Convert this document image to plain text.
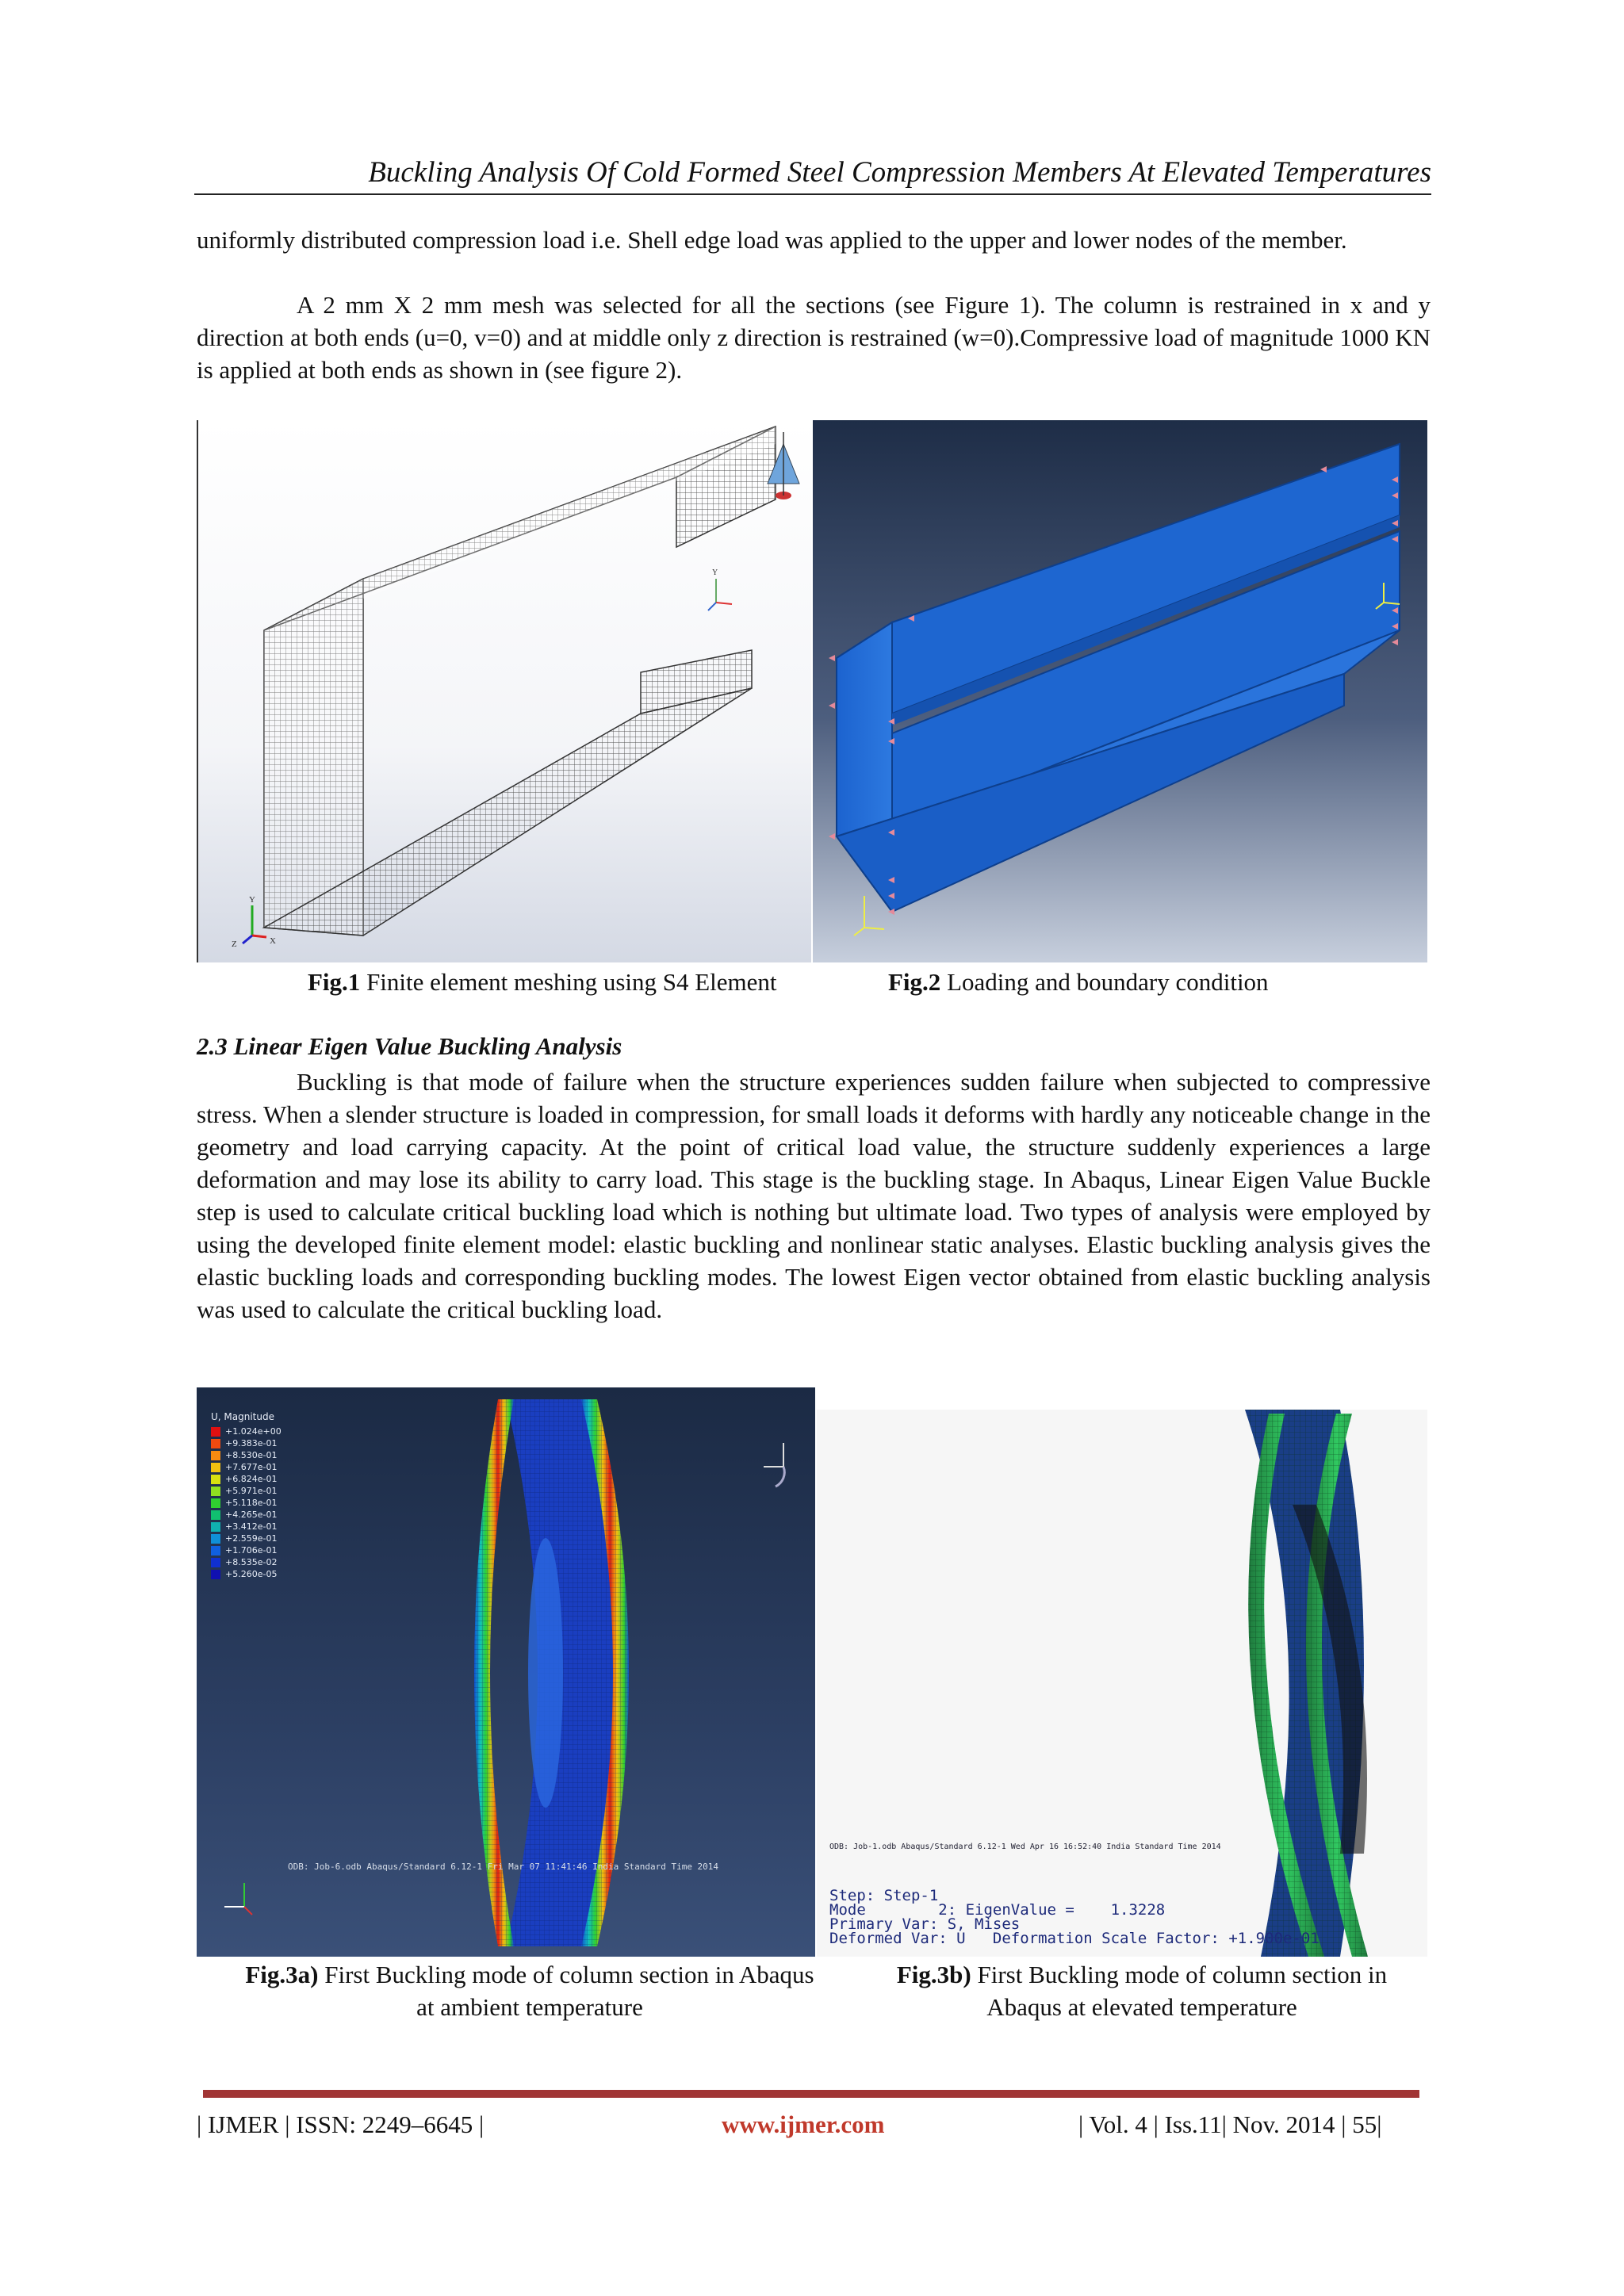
Buckling Analysis Of Cold Formed Steel Compression Members At Elevated Temperatures
uniformly distributed compression load i.e. Shell edge load was applied to the upper and lower nodes of the member.
A 2 mm X 2 mm mesh was selected for all the sections (see Figure 1). The column is restrained in x and y direction at both ends (u=0, v=0) and at middle only z direction is restrained (w=0).Compressive load of magnitude 1000 KN is applied at both ends as shown in (see figure 2).
Y
Y
X
Z
Fig.1 Finite element meshing using S4 Element	Fig.2 Loading and boundary condition
2.3 Linear Eigen Value Buckling Analysis
Buckling is that mode of failure when the structure experiences sudden failure when subjected to compressive stress. When a slender structure is loaded in compression, for small loads it deforms with hardly any noticeable change in the geometry and load carrying capacity. At the point of critical load value, the structure suddenly experiences a large deformation and may lose its ability to carry load. This stage is the buckling stage. In Abaqus, Linear Eigen Value Buckle step is used to calculate critical buckling load which is nothing but ultimate load. Two types of analysis were employed by using the developed finite element model: elastic buckling and nonlinear static analyses. Elastic buckling analysis gives the elastic buckling loads and corresponding buckling modes. The lowest Eigen vector obtained from elastic buckling analysis was used to calculate the critical buckling load.
U, Magnitude
+1.024e+00
+9.383e-01
+8.530e-01
+7.677e-01
+6.824e-01
+5.971e-01
+5.118e-01
+4.265e-01
+3.412e-01
+2.559e-01
+1.706e-01
+8.535e-02
+5.260e-05
ODB: Job-6.odb Abaqus/Standard 6.12-1 Fri Mar 07 11:41:46 India Standard Time 2014
ODB: Job-1.odb Abaqus/Standard 6.12-1 Wed Apr 16 16:52:40 India Standard Time 2014
Step: Step-1
Mode        2: EigenValue =    1.3228
Primary Var: S, Mises
Deformed Var: U   Deformation Scale Factor: +1.900e-01
Fig.3a) First Buckling mode of column section in Abaqus
at ambient temperature
Fig.3b) First Buckling mode of column section in
Abaqus at elevated temperature
| IJMER | ISSN: 2249–6645 |	www.ijmer.com	| Vol. 4 | Iss.11| Nov. 2014 | 55|
